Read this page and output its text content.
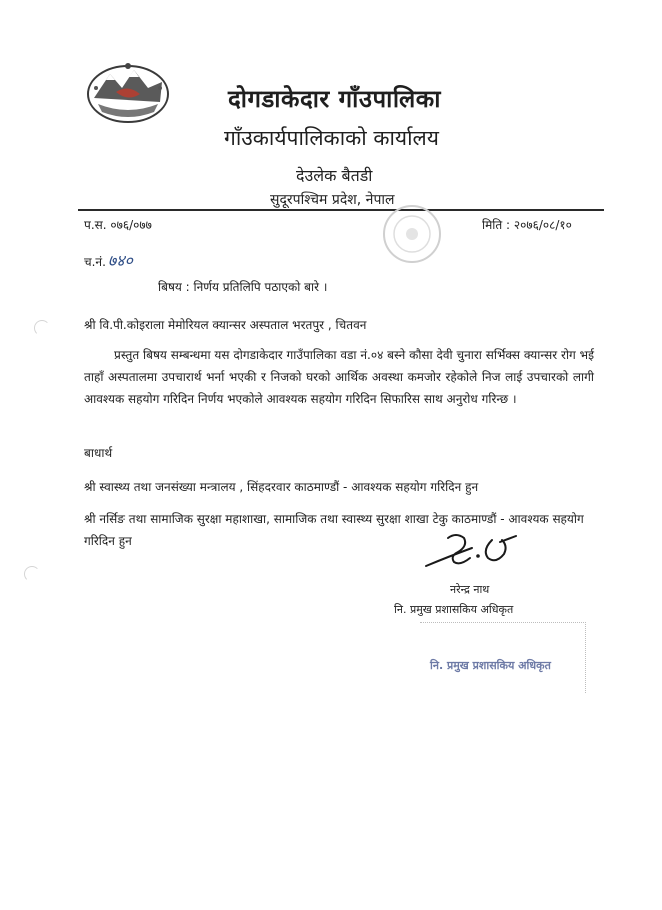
दोगडाकेदार गाँउपालिका
गाँउकार्यपालिकाको कार्यालय
देउलेक बैतडी
सुदूरपश्चिम प्रदेश, नेपाल
प.स. ०७६/०७७	मिति : २०७६/०८/१०
च.नं. ७४०
बिषय : निर्णय प्रतिलिपि पठाएको बारे ।
श्री वि.पी.कोइराला मेमोरियल क्यान्सर अस्पताल भरतपुर , चितवन

प्रस्तुत बिषय सम्बन्धमा यस दोगडाकेदार गाउँपालिका वडा नं.०४ बस्ने कौसा देवी चुनारा सर्भिक्स क्यान्सर रोग भई ताहाँ अस्पतालमा उपचारार्थ भर्ना भएकी र निजको घरको आर्थिक अवस्था कमजोर रहेकोले निज लाई उपचारको लागी आवश्यक सहयोग गरिदिन निर्णय भएकोले आवश्यक सहयोग गरिदिन सिफारिस साथ अनुरोध गरिन्छ ।

बाधार्थ
श्री स्वास्थ्य तथा जनसंख्या मन्त्रालय , सिंहदरवार काठमाण्डौं - आवश्यक सहयोग गरिदिन हुन
श्री नर्सिङ तथा सामाजिक सुरक्षा महाशाखा, सामाजिक तथा स्वास्थ्य सुरक्षा शाखा टेकु काठमाण्डौं - आवश्यक सहयोग गरिदिन हुन
नरेन्द्र नाथ
नि. प्रमुख प्रशासकिय अधिकृत
नि. प्रमुख प्रशासकिय अधिकृत
